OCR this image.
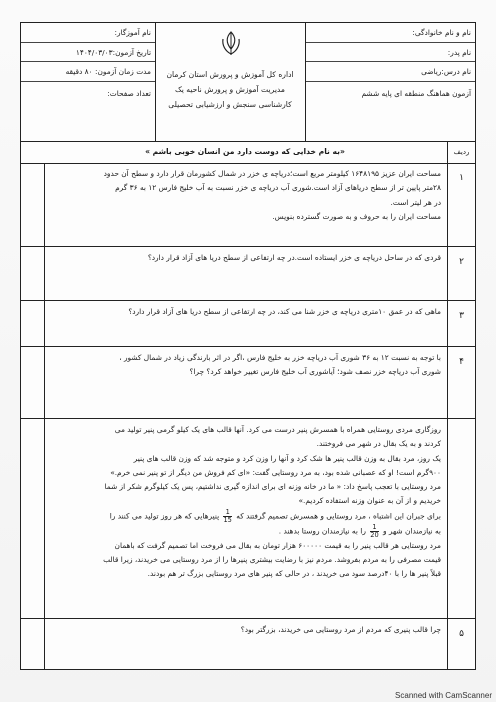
نام و نام خانوادگی:
نام پدر:
نام درس:ریاضی
آزمون هماهنگ منطقه ای پایه ششم
اداره کل آموزش و پرورش استان کرمان
مدیریت آموزش و پرورش ناحیه یک
کارشناسی سنجش و ارزشیابی تحصیلی
نام آموزگار:
تاریخ آزمون:۱۴۰۴/۰۳/۰۳
مدت زمان آزمون: ۸۰ دقیقه
تعداد صفحات:
ردیف
«به نام خدایی که دوست دارد من انسان خوبی باشم »
۱
مساحت ایران عزیز ۱۶۴۸۱۹۵ کیلومتر مربع است؛دریاچه ی خزر در شمال کشورمان قرار دارد و سطح آن حدود
۲۸متر پایین تر از سطح دریاهای آزاد است.شوری آب دریاچه ی خزر نسبت به آب خلیج فارس ۱۲ به ۳۶ گرم
در هر لیتر است.
مساحت ایران را به حروف و به صورت گسترده بنویس.
۲
قردی که در ساحل دریاچه ی خزر ایستاده است.در چه ارتفاعی از سطح دریا های آزاد قرار دارد؟
۳
ماهی که در عمق ۱۰متری دریاچه ی خزر شنا می کند، در چه ارتفاعی از سطح دریا های آزاد قرار دارد؟
۴
با توجه به نسبت ۱۲ به ۳۶ شوری آب دریاچه خزر به خلیج فارس ،اگر در اثر بارندگی زیاد در شمال کشور ،
شوری آب دریاچه خزر نصف شود؛ آیاشوری آب خلیج فارس تغییر خواهد کرد؟ چرا؟
روزگاری مردی روستایی همراه با همسرش پنیر درست می کرد. آنها قالب های یک کیلو گرمی پنیر تولید می
کردند و به یک بقال در شهر می فروختند.
یک روز، مرد بقال به وزن قالب پنیر ها شک کرد و آنها را وزن کرد و متوجه شد که وزن قالب های پنیر
۹۰۰گرم است! او که عصبانی شده بود، به مرد روستایی گفت: «ای کم فروش من دیگر از تو پنیر نمی خرم.»
مرد روستایی با تعجب پاسخ داد: « ما در خانه وزنه ای برای اندازه گیری نداشتیم، پس یک کیلوگرم شکر از شما
خریدیم و از آن به عنوان وزنه استفاده کردیم.»
برای جبران این اشتباه ، مرد روستایی و همسرش تصمیم گرفتند که
$\frac{1}{15}$
پنیرهایی که هر روز تولید می کنند را
به نیازمندان شهر و
$\frac{1}{20}$
را به نیازمندان روستا بدهند .
مرد روستایی هر قالب پنیر را به قیمت ۶۰۰۰۰۰ هزار تومان به بقال می فروخت اما تصمیم گرفت که باهمان
قیمت مصرفی را به مردم بفروشد. مردم نیز با رضایت بیشتری پنیرها را از مرد روستایی می خریدند، زیرا قالب
قبلاً پنیر ها را با ۴۰درصد سود می خریدند ، در حالی که پنیر های مرد روستایی بزرگ تر هم بودند.
۵
چرا قالب پنیری که مردم از مرد روستایی می خریدند، بزرگتر بود؟
Scanned with CamScanner
